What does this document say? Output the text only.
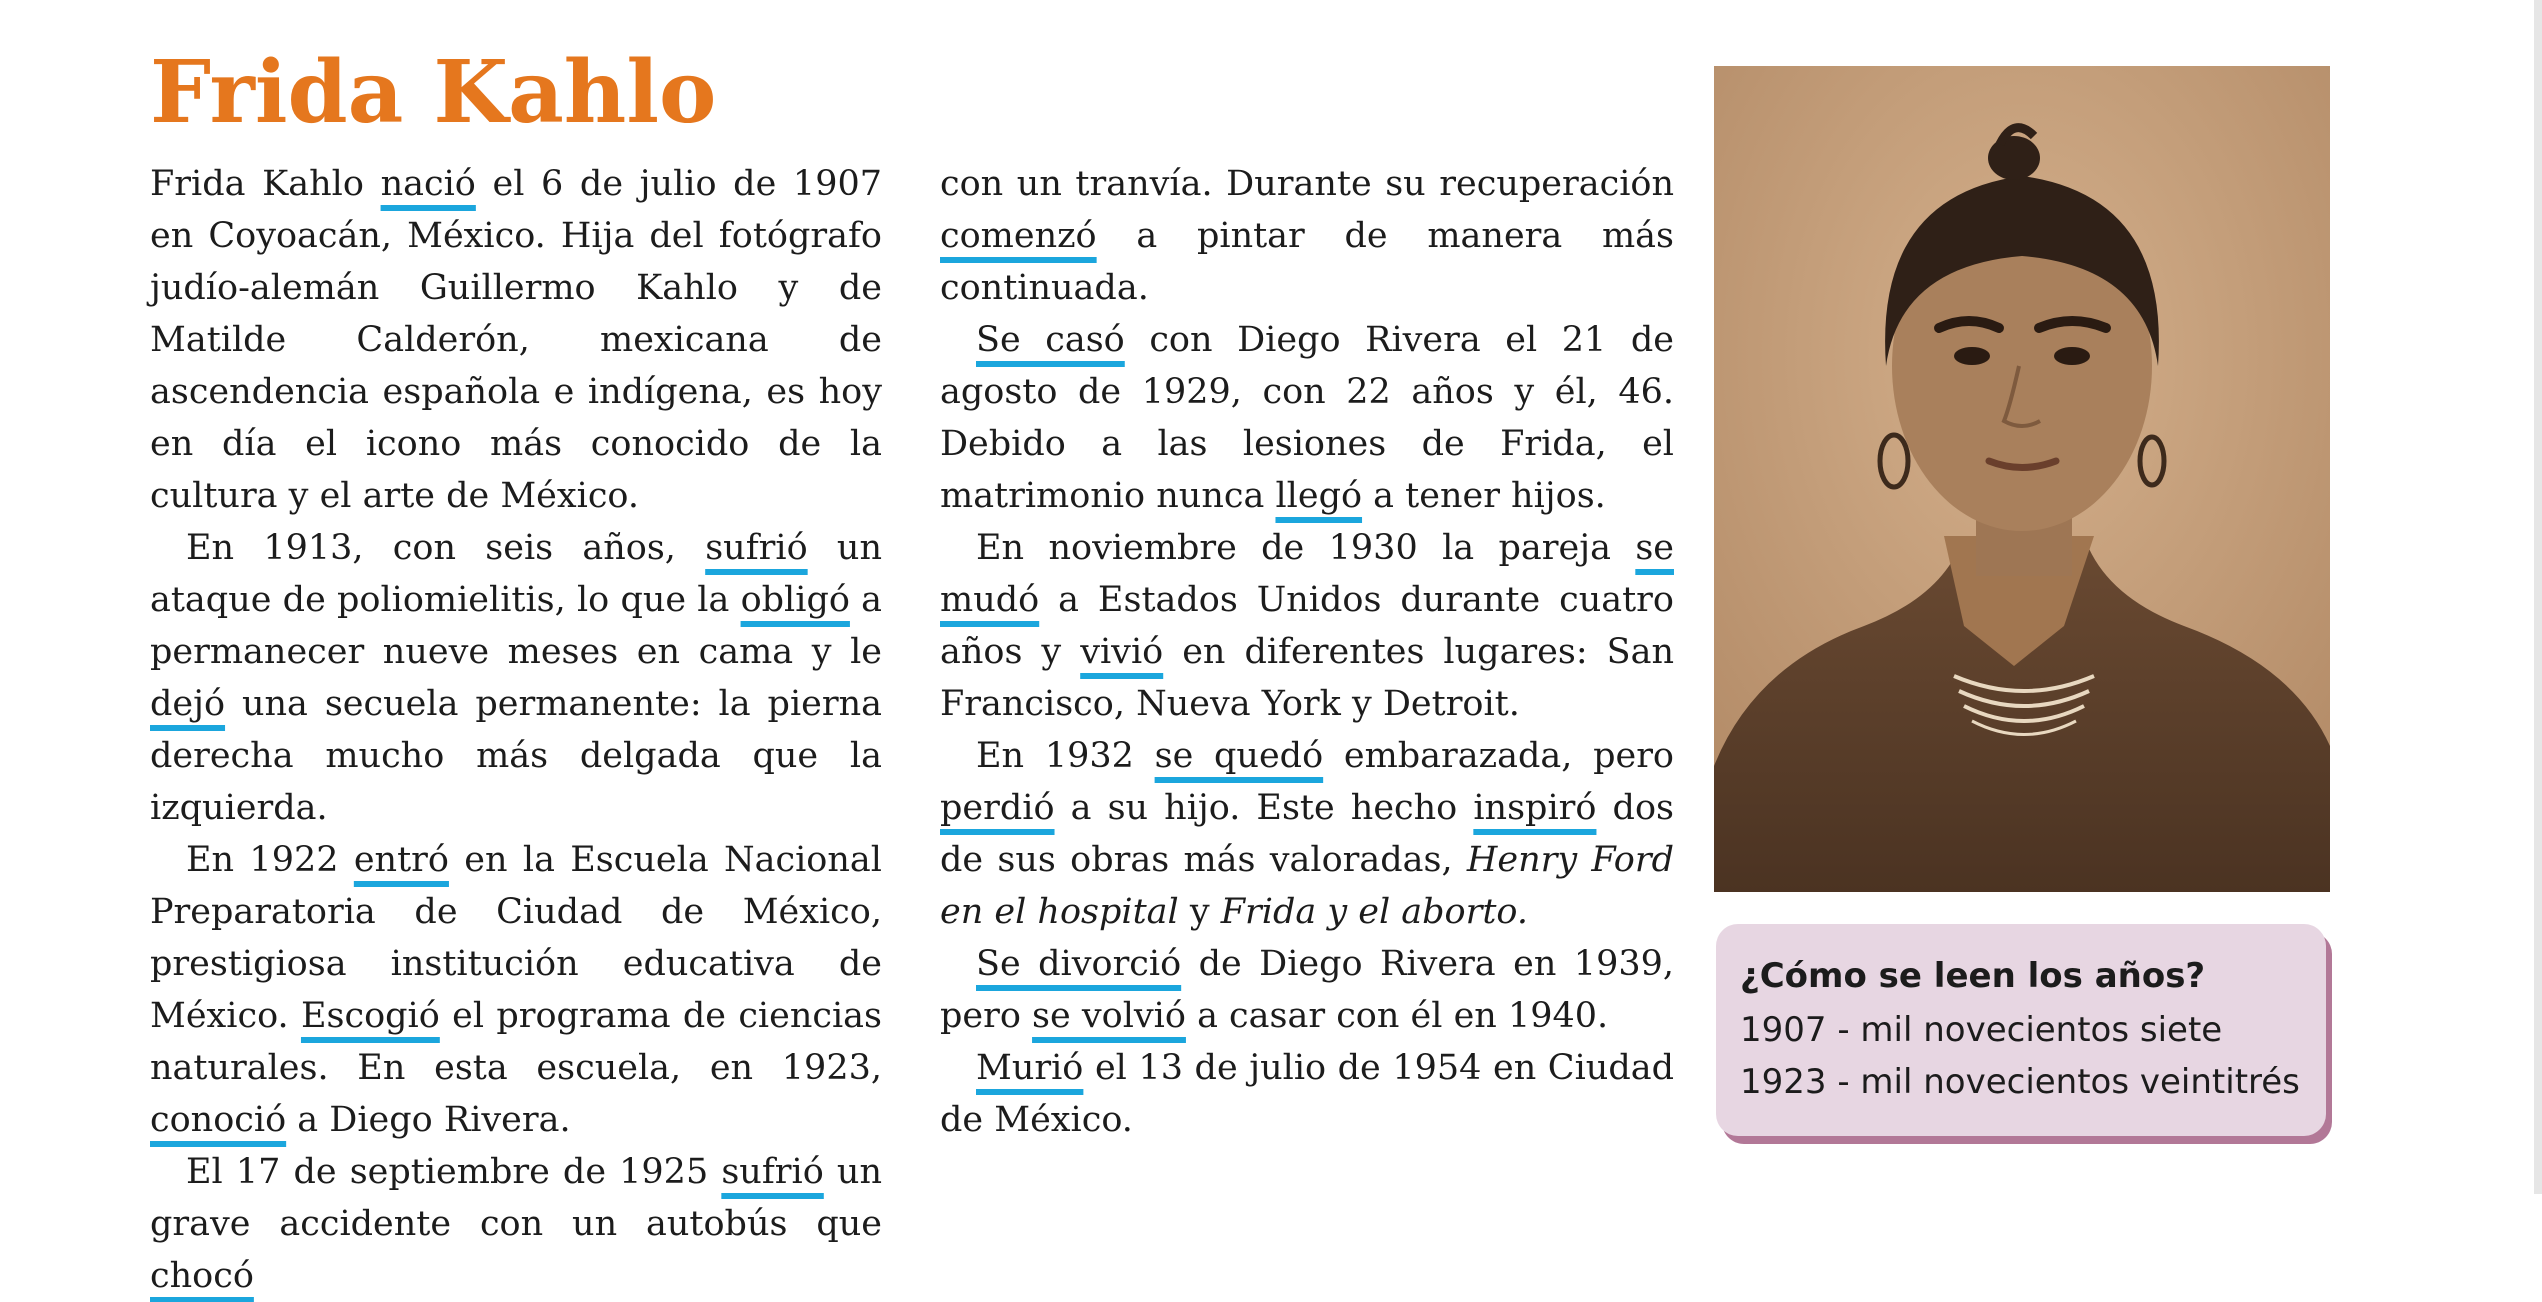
Frida Kahlo

Frida Kahlo nació el 6 de julio de 1907 en Coyoacán, México. Hija del fotógrafo judío-alemán Guillermo Kahlo y de Matilde Calderón, mexicana de ascendencia española e indígena, es hoy en día el icono más conocido de la cultura y el arte de México.

En 1913, con seis años, sufrió un ataque de poliomielitis, lo que la obligó a permanecer nueve meses en cama y le dejó una secuela permanente: la pierna derecha mucho más delgada que la izquierda.

En 1922 entró en la Escuela Nacional Preparatoria de Ciudad de México, prestigiosa institución educativa de México. Escogió el programa de ciencias naturales. En esta escuela, en 1923, conoció a Diego Rivera.

El 17 de septiembre de 1925 sufrió un grave accidente con un autobús que chocó

con un tranvía. Durante su recuperación comenzó a pintar de manera más continuada.

Se casó con Diego Rivera el 21 de agosto de 1929, con 22 años y él, 46. Debido a las lesiones de Frida, el matrimonio nunca llegó a tener hijos.

En noviembre de 1930 la pareja se mudó a Estados Unidos durante cuatro años y vivió en diferentes lugares: San Francisco, Nueva York y Detroit.

En 1932 se quedó embarazada, pero perdió a su hijo. Este hecho inspiró dos de sus obras más valoradas, Henry Ford en el hospital y Frida y el aborto.

Se divorció de Diego Rivera en 1939, pero se volvió a casar con él en 1940.

Murió el 13 de julio de 1954 en Ciudad de México.

¿Cómo se leen los años?
1907 - mil novecientos siete
1923 - mil novecientos veintitrés
